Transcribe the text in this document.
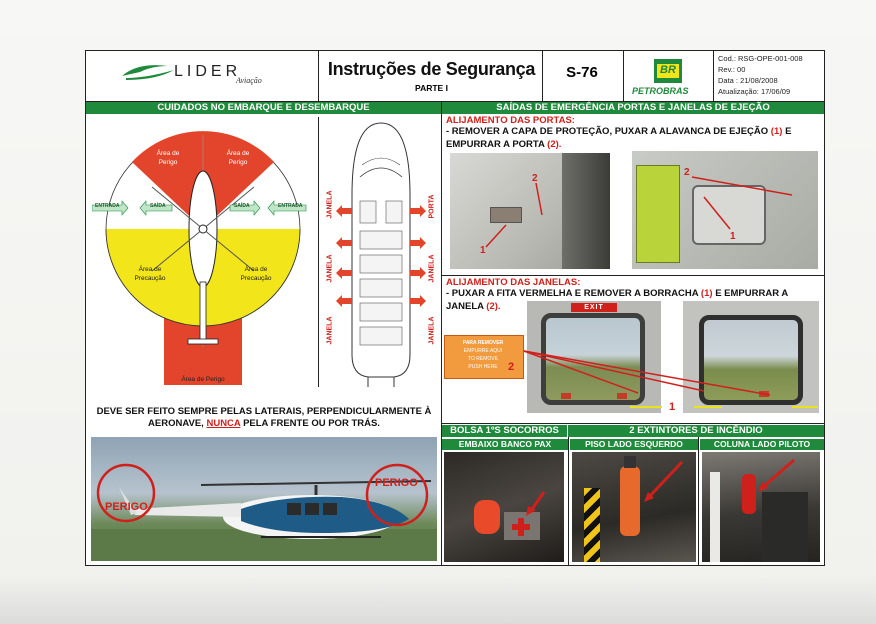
LIDER
Aviação
Instruções de Segurança
PARTE I
S-76	BR
PETROBRAS
Cod.: RSG-OPE-001-008
Rev.: 00
Data : 21/08/2008
Atualização: 17/06/09
CUIDADOS NO EMBARQUE E DESEMBARQUE	SAÍDAS DE EMERGÊNCIA PORTAS E JANELAS DE EJEÇÃO
ENTRADA	SAÍDA	SAÍDA	ENTRADA
Área de Perigo
Área de Perigo
Área de Precaução
Área de Precaução
Área de Perigo
JANELA
JANELA
JANELA
PORTA
JANELA
JANELA
DEVE SER FEITO SEMPRE PELAS LATERAIS, PERPENDICULARMENTE À AERONAVE, NUNCA PELA FRENTE OU POR TRÁS.
PERIGO
PERIGO
ALIJAMENTO DAS PORTAS:
- REMOVER A CAPA DE PROTEÇÃO, PUXAR A ALAVANCA DE EJEÇÃO (1) E EMPURRAR A PORTA (2).
1
2
2
1
ALIJAMENTO DAS JANELAS:
- PUXAR A FITA VERMELHA E REMOVER A BORRACHA (1) E EMPURRAR A JANELA (2).
PARA REMOVER
EMPURRE AQUI
TO REMOVE
PUSH HERE
EXIT
2
1
BOLSA 1ºS SOCORROS	2 EXTINTORES DE INCÊNDIO
EMBAIXO BANCO PAX	PISO LADO ESQUERDO	COLUNA LADO PILOTO
